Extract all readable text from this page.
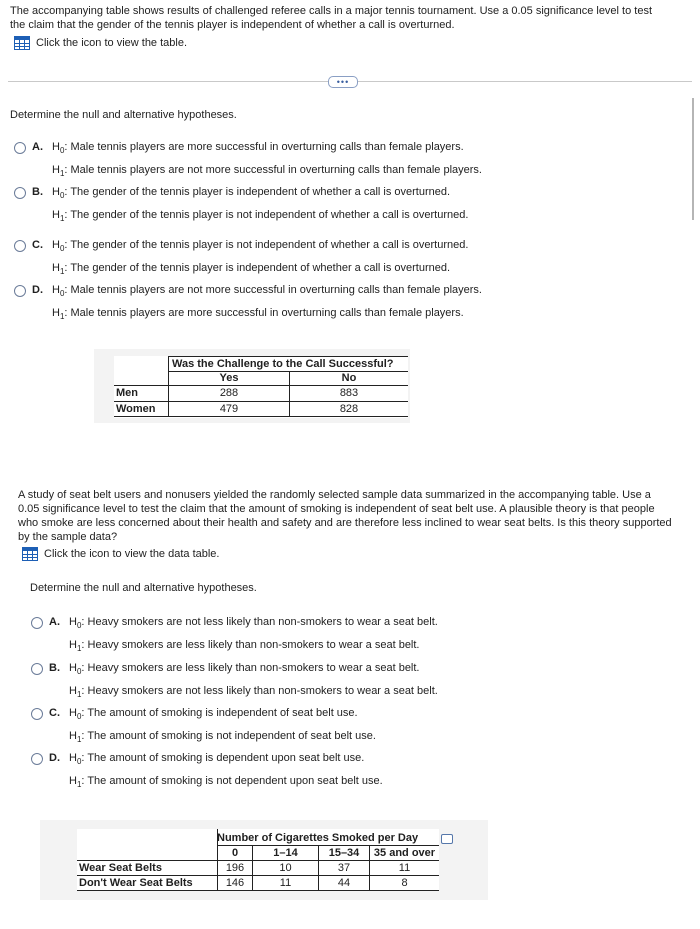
The accompanying table shows results of challenged referee calls in a major tennis tournament. Use a 0.05 significance level to test
the claim that the gender of the tennis player is independent of whether a call is overturned.
Click the icon to view the table.
•••
Determine the null and alternative hypotheses.
A. $H_0$: Male tennis players are more successful in overturning calls than female players.
$H_1$: Male tennis players are not more successful in overturning calls than female players.
B. $H_0$: The gender of the tennis player is independent of whether a call is overturned.
$H_1$: The gender of the tennis player is not independent of whether a call is overturned.
C. $H_0$: The gender of the tennis player is not independent of whether a call is overturned.
$H_1$: The gender of the tennis player is independent of whether a call is overturned.
D. $H_0$: Male tennis players are not more successful in overturning calls than female players.
$H_1$: Male tennis players are more successful in overturning calls than female players.
Was the Challenge to the Call Successful?
Yes	No
Men	288	883
Women	479	828
A study of seat belt users and nonusers yielded the randomly selected sample data summarized in the accompanying table. Use a
0.05 significance level to test the claim that the amount of smoking is independent of seat belt use. A plausible theory is that people
who smoke are less concerned about their health and safety and are therefore less inclined to wear seat belts. Is this theory supported
by the sample data?
Click the icon to view the data table.
Determine the null and alternative hypotheses.
A. $H_0$: Heavy smokers are not less likely than non-smokers to wear a seat belt.
$H_1$: Heavy smokers are less likely than non-smokers to wear a seat belt.
B. $H_0$: Heavy smokers are less likely than non-smokers to wear a seat belt.
$H_1$: Heavy smokers are not less likely than non-smokers to wear a seat belt.
C. $H_0$: The amount of smoking is independent of seat belt use.
$H_1$: The amount of smoking is not independent of seat belt use.
D. $H_0$: The amount of smoking is dependent upon seat belt use.
$H_1$: The amount of smoking is not dependent upon seat belt use.
Number of Cigarettes Smoked per Day
0	1–14	15–34	35 and over
Wear Seat Belts	196	10	37	11
Don't Wear Seat Belts	146	11	44	8
